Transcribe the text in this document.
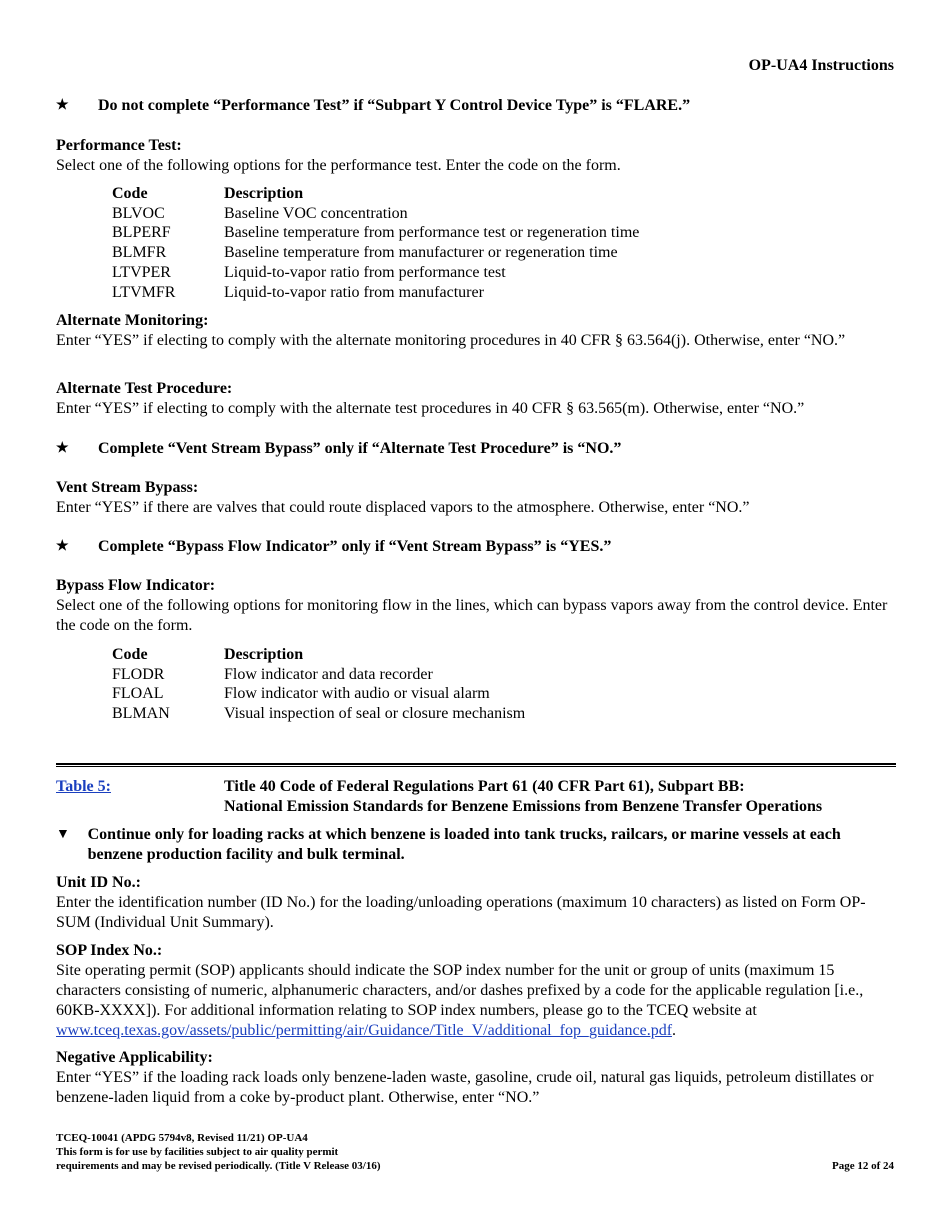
OP-UA4 Instructions
★	Do not complete “Performance Test” if “Subpart Y Control Device Type” is “FLARE.”

Performance Test:

Select one of the following options for the performance test. Enter the code on the form.

Code	Description
BLVOC	Baseline VOC concentration
BLPERF	Baseline temperature from performance test or regeneration time
BLMFR	Baseline temperature from manufacturer or regeneration time
LTVPER	Liquid-to-vapor ratio from performance test
LTVMFR	Liquid-to-vapor ratio from manufacturer

Alternate Monitoring:

Enter “YES” if electing to comply with the alternate monitoring procedures in 40 CFR § 63.564(j). Otherwise, enter “NO.”

Alternate Test Procedure:

Enter “YES” if electing to comply with the alternate test procedures in 40 CFR § 63.565(m). Otherwise, enter “NO.”

★	Complete “Vent Stream Bypass” only if “Alternate Test Procedure” is “NO.”

Vent Stream Bypass:

Enter “YES” if there are valves that could route displaced vapors to the atmosphere. Otherwise, enter “NO.”

★	Complete “Bypass Flow Indicator” only if “Vent Stream Bypass” is “YES.”

Bypass Flow Indicator:

Select one of the following options for monitoring flow in the lines, which can bypass vapors away from the control device. Enter the code on the form.

Code	Description
FLODR	Flow indicator and data recorder
FLOAL	Flow indicator with audio or visual alarm
BLMAN	Visual inspection of seal or closure mechanism
Table 5:	Title 40 Code of Federal Regulations Part 61 (40 CFR Part 61), Subpart BB:
National Emission Standards for Benzene Emissions from Benzene Transfer Operations
▼	Continue only for loading racks at which benzene is loaded into tank trucks, railcars, or marine vessels at each benzene production facility and bulk terminal.

Unit ID No.:

Enter the identification number (ID No.) for the loading/unloading operations (maximum 10 characters) as listed on Form OP-SUM (Individual Unit Summary).

SOP Index No.:

Site operating permit (SOP) applicants should indicate the SOP index number for the unit or group of units (maximum 15 characters consisting of numeric, alphanumeric characters, and/or dashes prefixed by a code for the applicable regulation [i.e., 60KB-XXXX]). For additional information relating to SOP index numbers, please go to the TCEQ website at www.tceq.texas.gov/assets/public/permitting/air/Guidance/Title_V/additional_fop_guidance.pdf.

Negative Applicability:

Enter “YES” if the loading rack loads only benzene-laden waste, gasoline, crude oil, natural gas liquids, petroleum distillates or benzene-laden liquid from a coke by-product plant. Otherwise, enter “NO.”

TCEQ-10041 (APDG 5794v8, Revised 11/21) OP-UA4
This form is for use by facilities subject to air quality permit
requirements and may be revised periodically. (Title V Release 03/16)	Page 12 of 24
